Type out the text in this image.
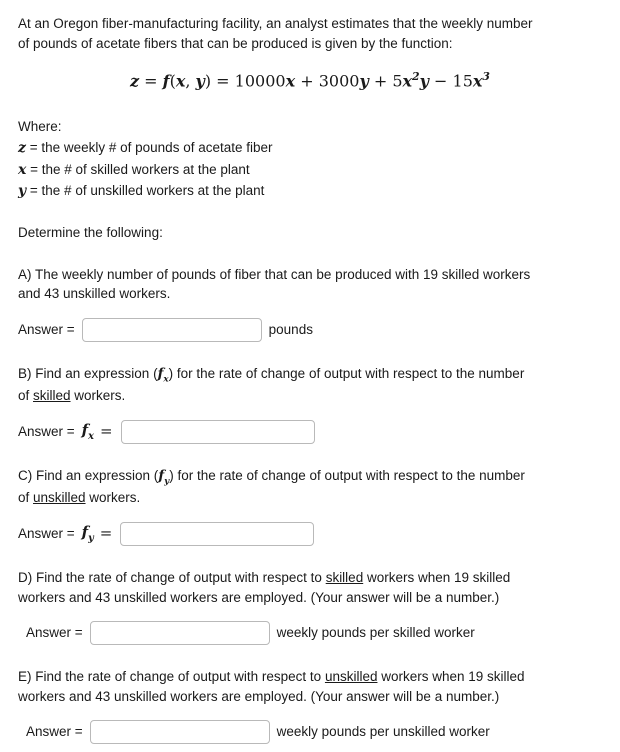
At an Oregon fiber-manufacturing facility, an analyst estimates that the weekly number

of pounds of acetate fibers that can be produced is given by the function:

z = f(x, $y) = 10000x + 3000y + 5x^2y - 15x^3$

Where:

z = the weekly # of pounds of acetate fiber

x = the # of skilled workers at the plant

y = the # of unskilled workers at the plant

Determine the following:

A) The weekly number of pounds of fiber that can be produced with 19 skilled workers

and 43 unskilled workers.

Answer =	pounds

B) Find an expression $(f_x)$ for the rate of change of output with respect to the number

of skilled workers.

Answer = $f_x$ =

C) Find an expression $(f_y)$ for the rate of change of output with respect to the number

of unskilled workers.

Answer = $f_y$ =

D) Find the rate of change of output with respect to skilled workers when 19 skilled

workers and 43 unskilled workers are employed. (Your answer will be a number.)

Answer =	weekly pounds per skilled worker

E) Find the rate of change of output with respect to unskilled workers when 19 skilled

workers and 43 unskilled workers are employed. (Your answer will be a number.)

Answer =	weekly pounds per unskilled worker
